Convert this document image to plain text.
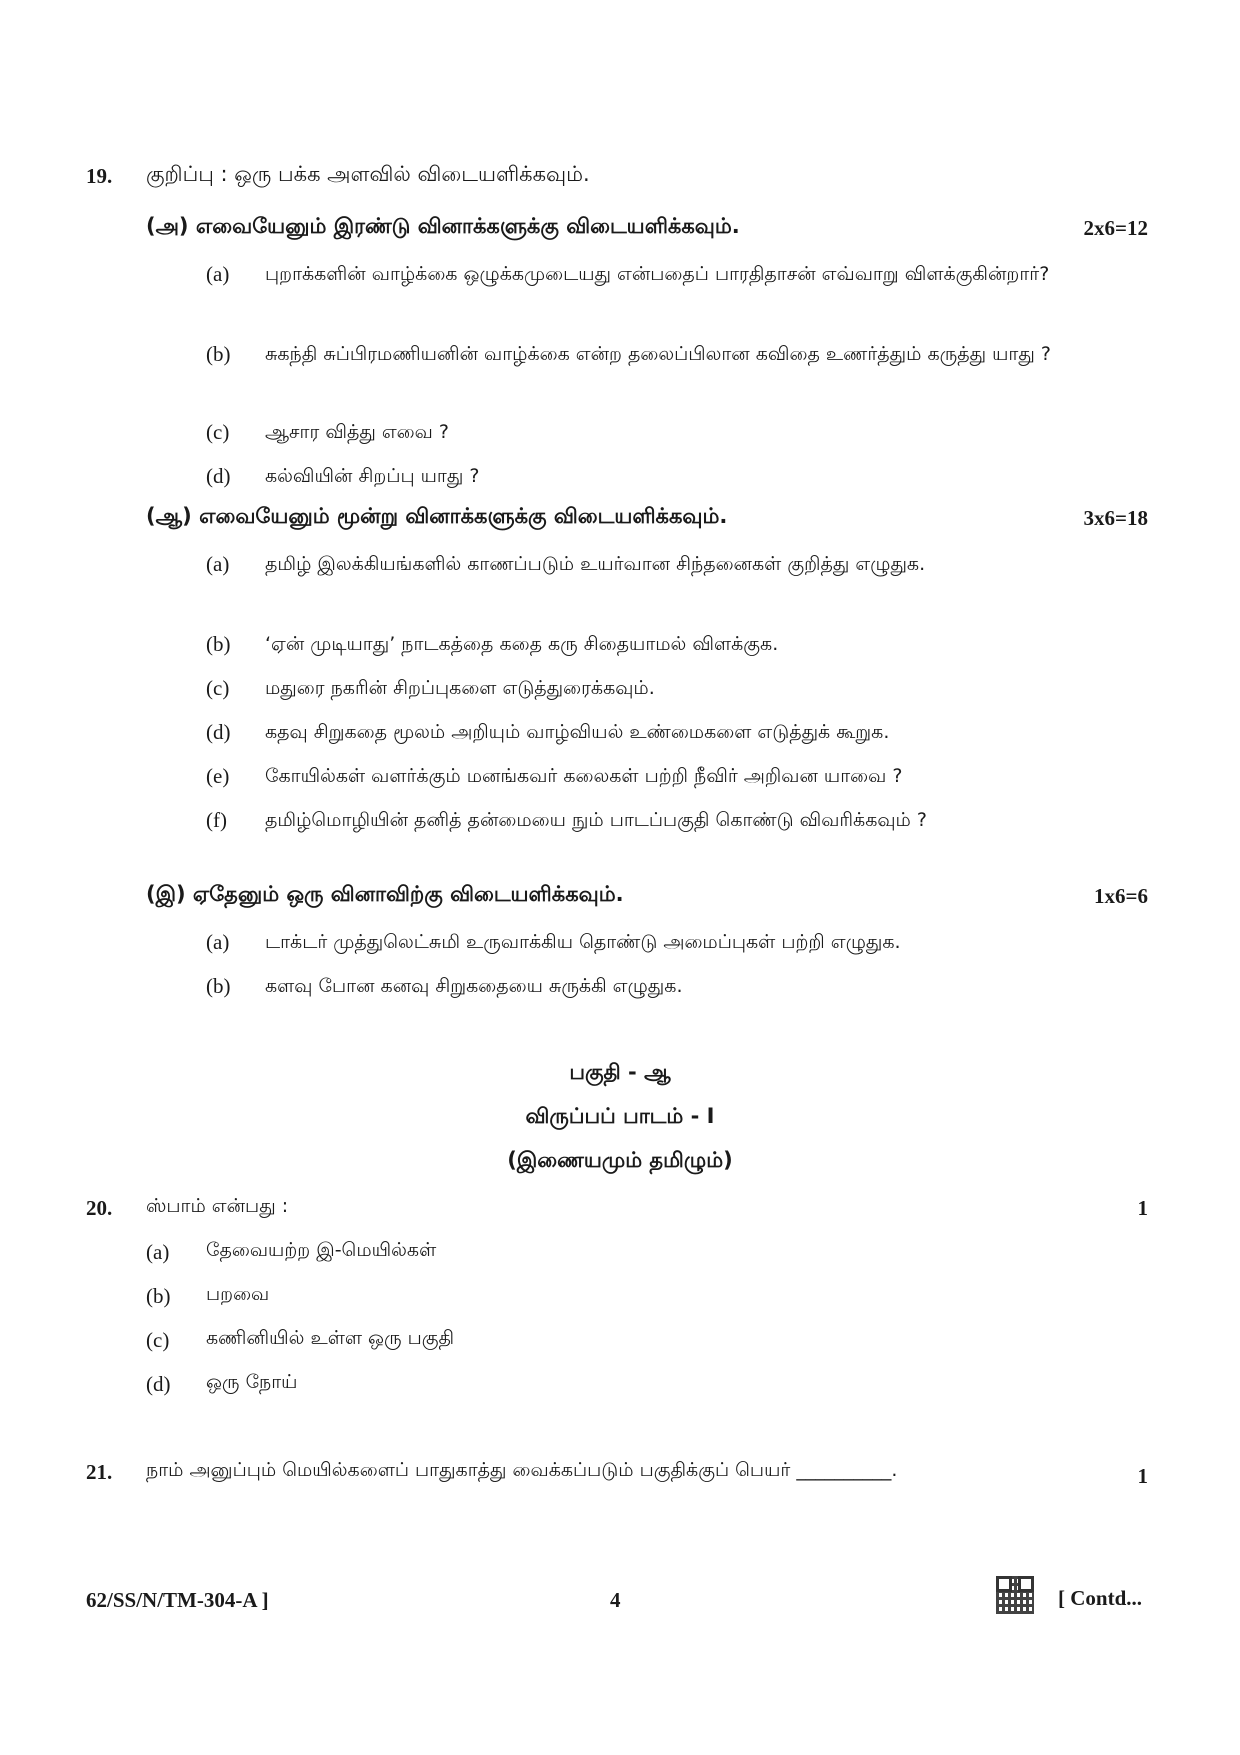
19. குறிப்பு : ஒரு பக்க அளவில் விடையளிக்கவும்.
(அ) எவையேனும் இரண்டு வினாக்களுக்கு விடையளிக்கவும்.	2x6=12
(a) புறாக்களின் வாழ்க்கை ஒழுக்கமுடையது என்பதைப் பாரதிதாசன் எவ்வாறு விளக்குகின்றார்?
(b) சுகந்தி சுப்பிரமணியனின் வாழ்க்கை என்ற தலைப்பிலான கவிதை உணர்த்தும் கருத்து யாது ?
(c) ஆசார வித்து எவை ?
(d) கல்வியின் சிறப்பு யாது ?
(ஆ) எவையேனும் மூன்று வினாக்களுக்கு விடையளிக்கவும்.	3x6=18
(a) தமிழ் இலக்கியங்களில் காணப்படும் உயர்வான சிந்தனைகள் குறித்து எழுதுக.
(b) ‘ஏன் முடியாது’ நாடகத்தை கதை கரு சிதையாமல் விளக்குக.
(c) மதுரை நகரின் சிறப்புகளை எடுத்துரைக்கவும்.
(d) கதவு சிறுகதை மூலம் அறியும் வாழ்வியல் உண்மைகளை எடுத்துக் கூறுக.
(e) கோயில்கள் வளர்க்கும் மனங்கவர் கலைகள் பற்றி நீவிர் அறிவன யாவை ?
(f) தமிழ்மொழியின் தனித் தன்மையை நும் பாடப்பகுதி கொண்டு விவரிக்கவும் ?
(இ) ஏதேனும் ஒரு வினாவிற்கு விடையளிக்கவும்.	1x6=6
(a) டாக்டர் முத்துலெட்சுமி உருவாக்கிய தொண்டு அமைப்புகள் பற்றி எழுதுக.
(b) களவு போன கனவு சிறுகதையை சுருக்கி எழுதுக.
பகுதி - ஆ
விருப்பப் பாடம் - I
(இணையமும் தமிழும்)
20. ஸ்பாம் என்பது :	1
(a) தேவையற்ற இ-மெயில்கள்
(b) பறவை
(c) கணினியில் உள்ள ஒரு பகுதி
(d) ஒரு நோய்
21. நாம் அனுப்பும் மெயில்களைப் பாதுகாத்து வைக்கப்படும் பகுதிக்குப் பெயர் __________.	1
62/SS/N/TM-304-A ]	4	[ Contd...
